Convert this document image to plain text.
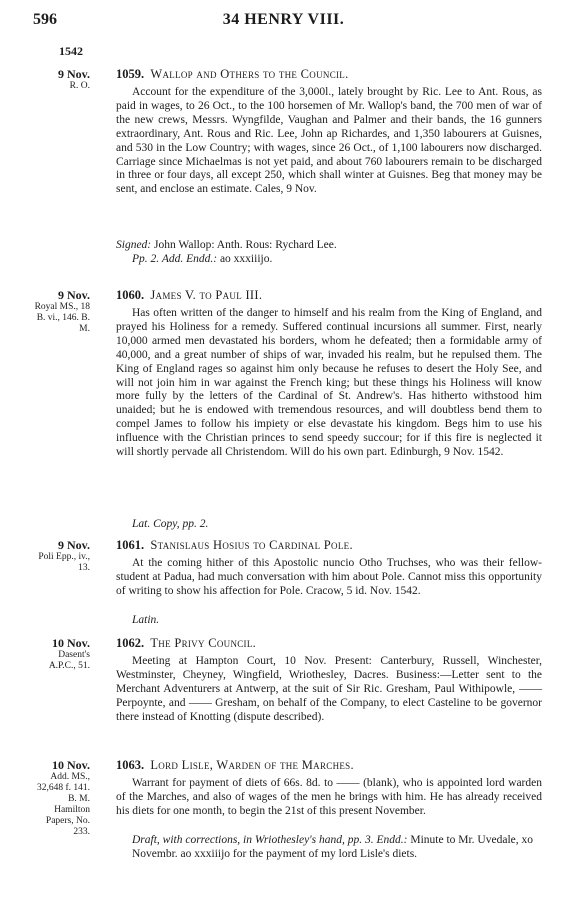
596	34 HENRY VIII.
1542
9 Nov.
R. O.
1059. Wallop and Others to the Council.

Account for the expenditure of the 3,000l., lately brought by Ric. Lee to Ant. Rous, as paid in wages, to 26 Oct., to the 100 horsemen of Mr. Wallop's band, the 700 men of war of the new crews, Messrs. Wyngfilde, Vaughan and Palmer and their bands, the 16 gunners extraordinary, Ant. Rous and Ric. Lee, John ap Richardes, and 1,350 labourers at Guisnes, and 530 in the Low Country; with wages, since 26 Oct., of 1,100 labourers now discharged. Carriage since Michaelmas is not yet paid, and about 760 labourers remain to be discharged in three or four days, all except 250, which shall winter at Guisnes. Beg that money may be sent, and enclose an estimate. Cales, 9 Nov.

Signed: John Wallop: Anth. Rous: Rychard Lee.

Pp. 2. Add. Endd.: ao xxxiiijo.

9 Nov.
Royal MS., 18 B. vi., 146. B. M.
1060. James V. to Paul III.

Has often written of the danger to himself and his realm from the King of England, and prayed his Holiness for a remedy. Suffered continual incursions all summer. First, nearly 10,000 armed men devastated his borders, whom he defeated; then a formidable army of 40,000, and a great number of ships of war, invaded his realm, but he repulsed them. The King of England rages so against him only because he refuses to desert the Holy See, and will not join him in war against the French king; but these things his Holiness will know more fully by the letters of the Cardinal of St. Andrew's. Has hitherto withstood him unaided; but he is endowed with tremendous resources, and will doubtless bend them to compel James to follow his impiety or else devastate his kingdom. Begs him to use his influence with the Christian princes to send speedy succour; for if this fire is neglected it will shortly pervade all Christendom. Will do his own part. Edinburgh, 9 Nov. 1542.

Lat. Copy, pp. 2.

9 Nov.
Poli Epp., iv., 13.
1061. Stanislaus Hosius to Cardinal Pole.

At the coming hither of this Apostolic nuncio Otho Truchses, who was their fellow-student at Padua, had much conversation with him about Pole. Cannot miss this opportunity of writing to show his affection for Pole. Cracow, 5 id. Nov. 1542.

Latin.

10 Nov.
Dasent's A.P.C., 51.
1062. The Privy Council.

Meeting at Hampton Court, 10 Nov. Present: Canterbury, Russell, Winchester, Westminster, Cheyney, Wingfield, Wriothesley, Dacres. Business:—Letter sent to the Merchant Adventurers at Antwerp, at the suit of Sir Ric. Gresham, Paul Withipowle, —— Perpoynte, and —— Gresham, on behalf of the Company, to elect Casteline to be governor there instead of Knotting (dispute described).

10 Nov.
Add. MS., 32,648 f. 141. B. M. Hamilton Papers, No. 233.
1063. Lord Lisle, Warden of the Marches.

Warrant for payment of diets of 66s. 8d. to —— (blank), who is appointed lord warden of the Marches, and also of wages of the men he brings with him. He has already received his diets for one month, to begin the 21st of this present November.

Draft, with corrections, in Wriothesley's hand, pp. 3. Endd.: Minute to Mr. Uvedale, xo Novembr. ao xxxiiijo for the payment of my lord Lisle's diets.
